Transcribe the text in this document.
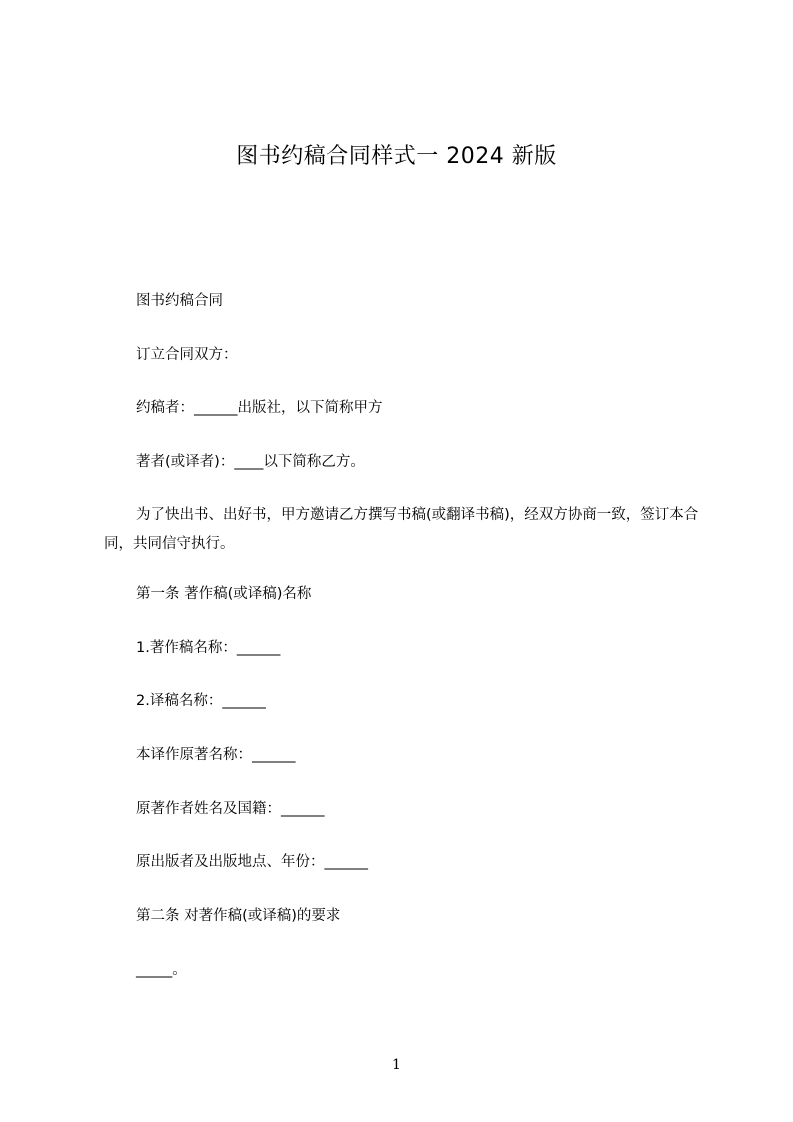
图书约稿合同样式一 2024 新版

图书约稿合同

订立合同双方：

约稿者：______出版社，以下简称甲方

著者(或译者)：____以下简称乙方。

为了快出书、出好书，甲方邀请乙方撰写书稿(或翻译书稿)，经双方协商一致，签订本合同，共同信守执行。

第一条 著作稿(或译稿)名称

1.著作稿名称：______

2.译稿名称：______

本译作原著名称：______

原著作者姓名及国籍：______

原出版者及出版地点、年份：______

第二条 对著作稿(或译稿)的要求

_____。

1
